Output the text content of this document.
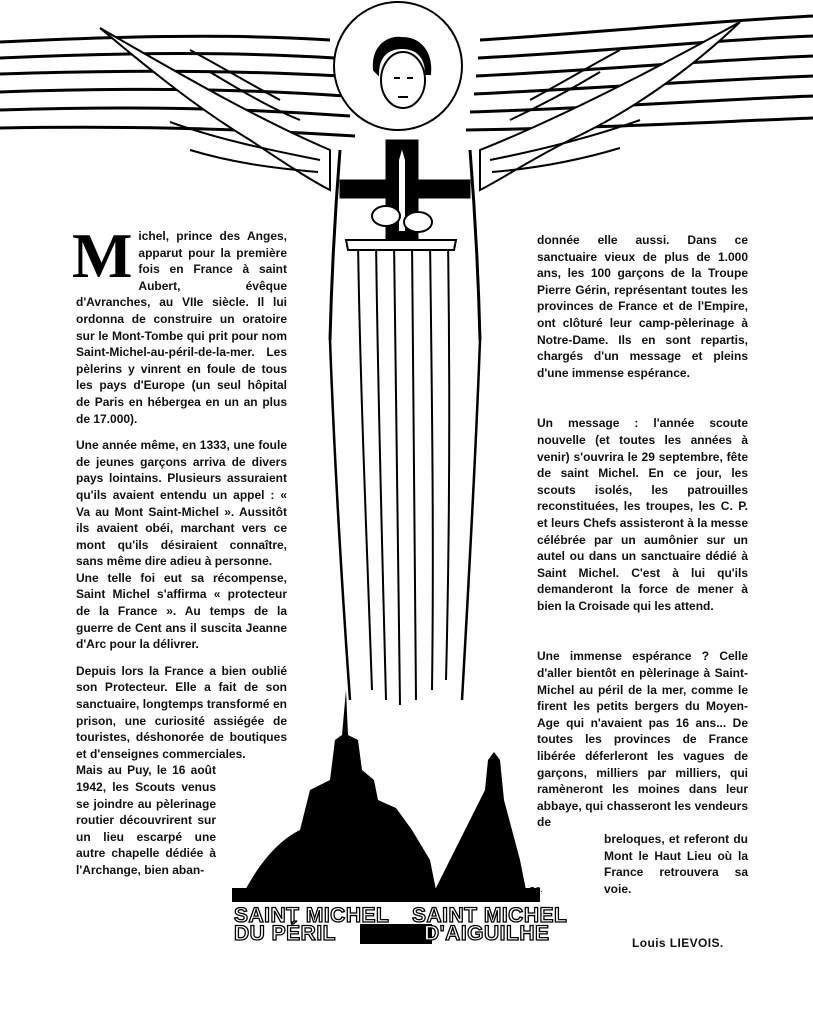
P.S.
SAINT MICHEL
DU PÉRIL
SAINT MICHEL
D'AIGUILHE

Michel, prince des Anges, apparut pour la première fois en France à saint Aubert, évêque d'Avranches, au VIIe siècle. Il lui ordonna de construire un oratoire sur le Mont-Tombe qui prit pour nom Saint-Michel-au-péril-de-la-mer. Les pèlerins y vinrent en foule de tous les pays d'Europe (un seul hôpital de Paris en hébergea en un an plus de 17.000).

Une année même, en 1333, une foule de jeunes garçons arriva de divers pays lointains. Plusieurs assuraient qu'ils avaient entendu un appel : « Va au Mont Saint-Michel ». Aussitôt ils avaient obéi, marchant vers ce mont qu'ils désiraient connaître, sans même dire adieu à personne.

Une telle foi eut sa récompense, Saint Michel s'affirma « protecteur de la France ». Au temps de la guerre de Cent ans il suscita Jeanne d'Arc pour la délivrer.

Depuis lors la France a bien oublié son Protecteur. Elle a fait de son sanctuaire, longtemps transformé en prison, une curiosité assiégée de touristes, déshonorée de boutiques et d'enseignes commerciales.

Mais au Puy, le 16 août 1942, les Scouts venus se joindre au pèlerinage routier découvrirent sur un lieu escarpé une autre chapelle dédiée à l'Archange, bien aban-

donnée elle aussi. Dans ce sanctuaire vieux de plus de 1.000 ans, les 100 garçons de la Troupe Pierre Gérin, représentant toutes les provinces de France et de l'Empire, ont clôturé leur camp-pèlerinage à Notre-Dame. Ils en sont repartis, chargés d'un message et pleins d'une immense espérance.

Un message : l'année scoute nouvelle (et toutes les années à venir) s'ouvrira le 29 septembre, fête de saint Michel. En ce jour, les scouts isolés, les patrouilles reconstituées, les troupes, les C. P. et leurs Chefs assisteront à la messe célébrée par un aumônier sur un autel ou dans un sanctuaire dédié à Saint Michel. C'est à lui qu'ils demanderont la force de mener à bien la Croisade qui les attend.

Une immense espérance ? Celle d'aller bientôt en pèlerinage à Saint-Michel au péril de la mer, comme le firent les petits bergers du Moyen-Age qui n'avaient pas 16 ans... De toutes les provinces de France libérée déferleront les vagues de garçons, milliers par milliers, qui ramèneront les moines dans leur abbaye, qui chasseront les vendeurs de

breloques, et referont du Mont le Haut Lieu où la France retrouvera sa voie.

Louis LIEVOIS.
